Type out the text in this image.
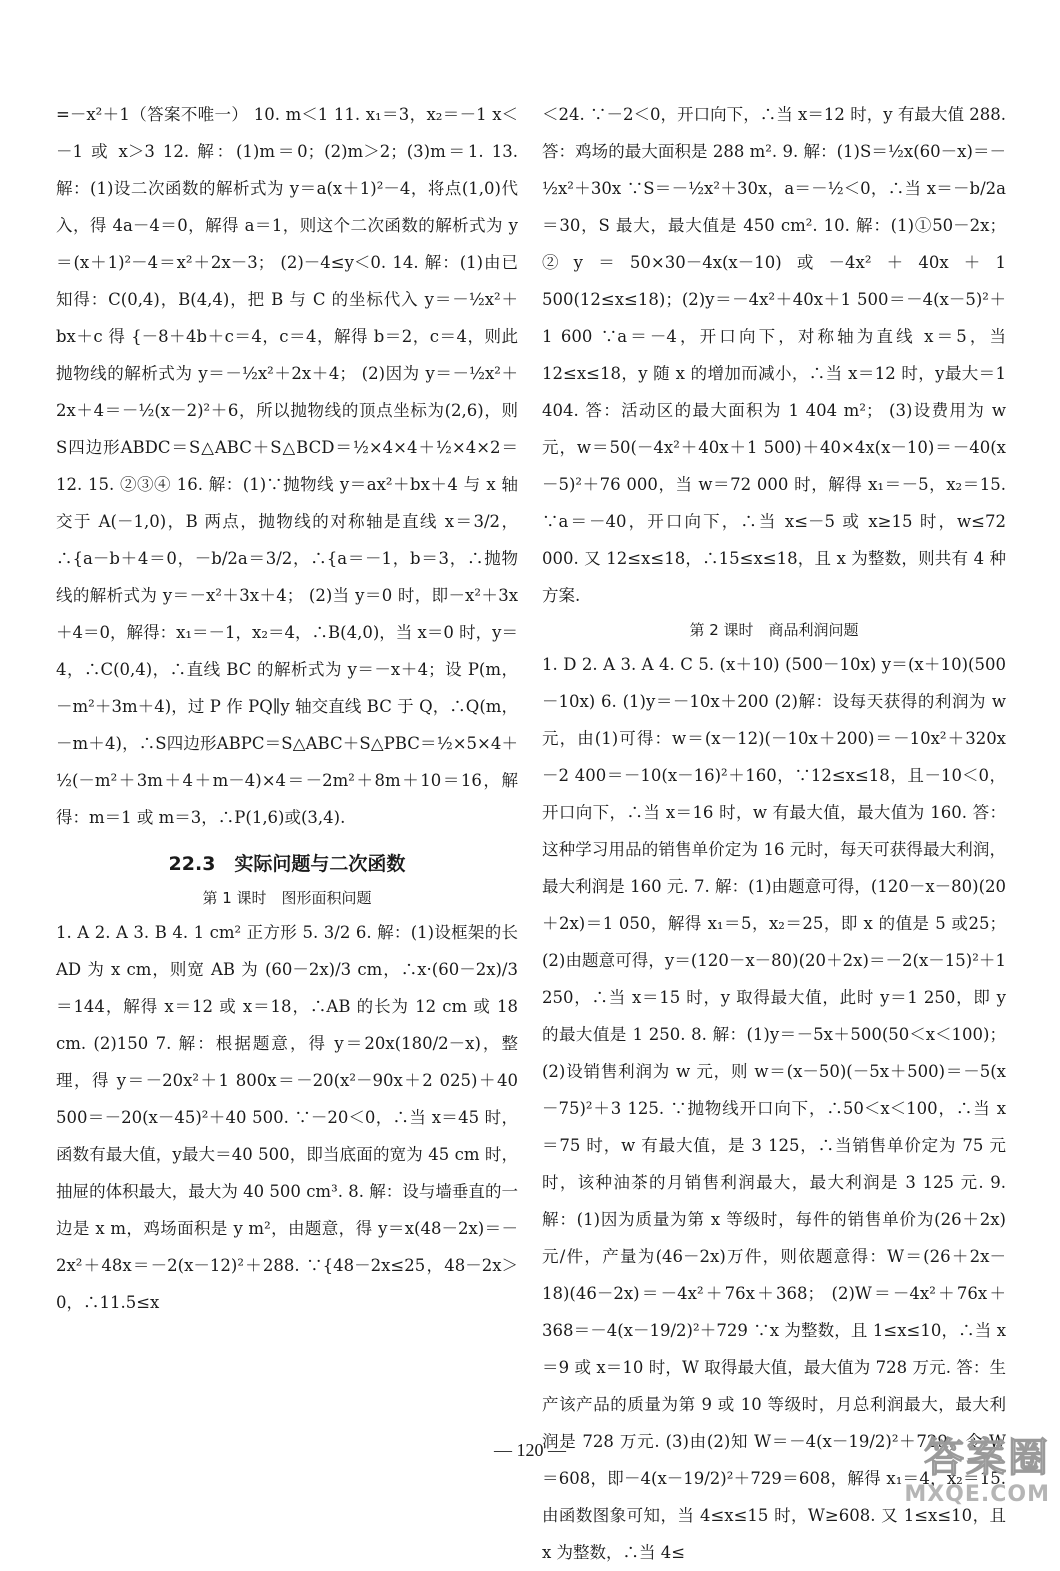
=－x²＋1（答案不唯一） 10. m＜1 11. x₁＝3，x₂＝－1 x＜－1 或 x＞3 12. 解：(1)m＝0；(2)m＞2；(3)m＝1. 13. 解：(1)设二次函数的解析式为 y＝a(x＋1)²－4，将点(1,0)代入，得 4a－4＝0，解得 a＝1，则这个二次函数的解析式为 y＝(x＋1)²－4＝x²＋2x－3； (2)－4≤y＜0. 14. 解：(1)由已知得：C(0,4)，B(4,4)，把 B 与 C 的坐标代入 y＝－½x²＋bx＋c 得 {－8＋4b＋c＝4，c＝4，解得 b＝2，c＝4，则此抛物线的解析式为 y＝－½x²＋2x＋4； (2)因为 y＝－½x²＋2x＋4＝－½(x－2)²＋6，所以抛物线的顶点坐标为(2,6)，则 S四边形ABDC＝S△ABC＋S△BCD＝½×4×4＋½×4×2＝12. 15. ②③④ 16. 解：(1)∵抛物线 y＝ax²＋bx＋4 与 x 轴交于 A(－1,0)，B 两点，抛物线的对称轴是直线 x＝3/2，∴{a－b＋4＝0，－b/2a＝3/2，∴{a＝－1，b＝3，∴抛物线的解析式为 y＝－x²＋3x＋4； (2)当 y＝0 时，即－x²＋3x＋4＝0，解得：x₁＝－1，x₂＝4，∴B(4,0)，当 x＝0 时，y＝4，∴C(0,4)，∴直线 BC 的解析式为 y＝－x＋4；设 P(m，－m²＋3m＋4)，过 P 作 PQ∥y 轴交直线 BC 于 Q，∴Q(m，－m＋4)，∴S四边形ABPC＝S△ABC＋S△PBC＝½×5×4＋½(－m²＋3m＋4＋m－4)×4＝－2m²＋8m＋10＝16，解得：m＝1 或 m＝3，∴P(1,6)或(3,4).

22.3　实际问题与二次函数
第 1 课时　图形面积问题

1. A 2. A 3. B 4. 1 cm² 正方形 5. 3/2 6. 解：(1)设框架的长 AD 为 x cm，则宽 AB 为 (60－2x)/3 cm，∴x·(60－2x)/3＝144，解得 x＝12 或 x＝18，∴AB 的长为 12 cm 或 18 cm. (2)150 7. 解：根据题意，得 y＝20x(180/2－x)，整理，得 y＝－20x²＋1 800x＝－20(x²－90x＋2 025)＋40 500＝－20(x－45)²＋40 500. ∵－20＜0，∴当 x＝45 时，函数有最大值，y最大＝40 500，即当底面的宽为 45 cm 时，抽屉的体积最大，最大为 40 500 cm³. 8. 解：设与墙垂直的一边是 x m，鸡场面积是 y m²，由题意，得 y＝x(48－2x)＝－2x²＋48x＝－2(x－12)²＋288. ∵{48－2x≤25，48－2x＞0，∴11.5≤x

＜24. ∵－2＜0，开口向下，∴当 x＝12 时，y 有最大值 288. 答：鸡场的最大面积是 288 m². 9. 解：(1)S＝½x(60－x)＝－½x²＋30x ∵S＝－½x²＋30x，a＝－½＜0，∴当 x＝－b/2a＝30，S 最大，最大值是 450 cm². 10. 解：(1)①50－2x； ②y＝50×30－4x(x－10)或－4x²＋40x＋1 500(12≤x≤18)；(2)y＝－4x²＋40x＋1 500＝－4(x－5)²＋1 600 ∵a＝－4，开口向下，对称轴为直线 x＝5，当 12≤x≤18，y 随 x 的增加而减小，∴当 x＝12 时，y最大＝1 404. 答：活动区的最大面积为 1 404 m²； (3)设费用为 w 元，w＝50(－4x²＋40x＋1 500)＋40×4x(x－10)＝－40(x－5)²＋76 000，当 w＝72 000 时，解得 x₁＝－5，x₂＝15. ∵a＝－40，开口向下，∴当 x≤－5 或 x≥15 时，w≤72 000. 又 12≤x≤18，∴15≤x≤18，且 x 为整数，则共有 4 种方案.

第 2 课时　商品利润问题

1. D 2. A 3. A 4. C 5. (x＋10) (500－10x) y＝(x＋10)(500－10x) 6. (1)y＝－10x＋200 (2)解：设每天获得的利润为 w 元，由(1)可得：w＝(x－12)(－10x＋200)＝－10x²＋320x－2 400＝－10(x－16)²＋160，∵12≤x≤18，且－10＜0，开口向下，∴当 x＝16 时，w 有最大值，最大值为 160. 答：这种学习用品的销售单价定为 16 元时，每天可获得最大利润，最大利润是 160 元. 7. 解：(1)由题意可得，(120－x－80)(20＋2x)＝1 050，解得 x₁＝5，x₂＝25，即 x 的值是 5 或25； (2)由题意可得，y＝(120－x－80)(20＋2x)＝－2(x－15)²＋1 250，∴当 x＝15 时，y 取得最大值，此时 y＝1 250，即 y 的最大值是 1 250. 8. 解：(1)y＝－5x＋500(50＜x＜100)； (2)设销售利润为 w 元，则 w＝(x－50)(－5x＋500)＝－5(x－75)²＋3 125. ∵抛物线开口向下，∴50＜x＜100，∴当 x＝75 时，w 有最大值，是 3 125，∴当销售单价定为 75 元时，该种油茶的月销售利润最大，最大利润是 3 125 元. 9. 解：(1)因为质量为第 x 等级时，每件的销售单价为(26＋2x)元/件，产量为(46－2x)万件，则依题意得：W＝(26＋2x－18)(46－2x)＝－4x²＋76x＋368； (2)W＝－4x²＋76x＋368＝－4(x－19/2)²＋729 ∵x 为整数，且 1≤x≤10，∴当 x＝9 或 x＝10 时，W 取得最大值，最大值为 728 万元. 答：生产该产品的质量为第 9 或 10 等级时，月总利润最大，最大利润是 728 万元. (3)由(2)知 W＝－4(x－19/2)²＋729，令 W＝608，即－4(x－19/2)²＋729＝608，解得 x₁＝4，x₂＝15. 由函数图象可知，当 4≤x≤15 时，W≥608. 又 1≤x≤10，且 x 为整数，∴当 4≤

— 120 —	答案圈
MXQE.COM
